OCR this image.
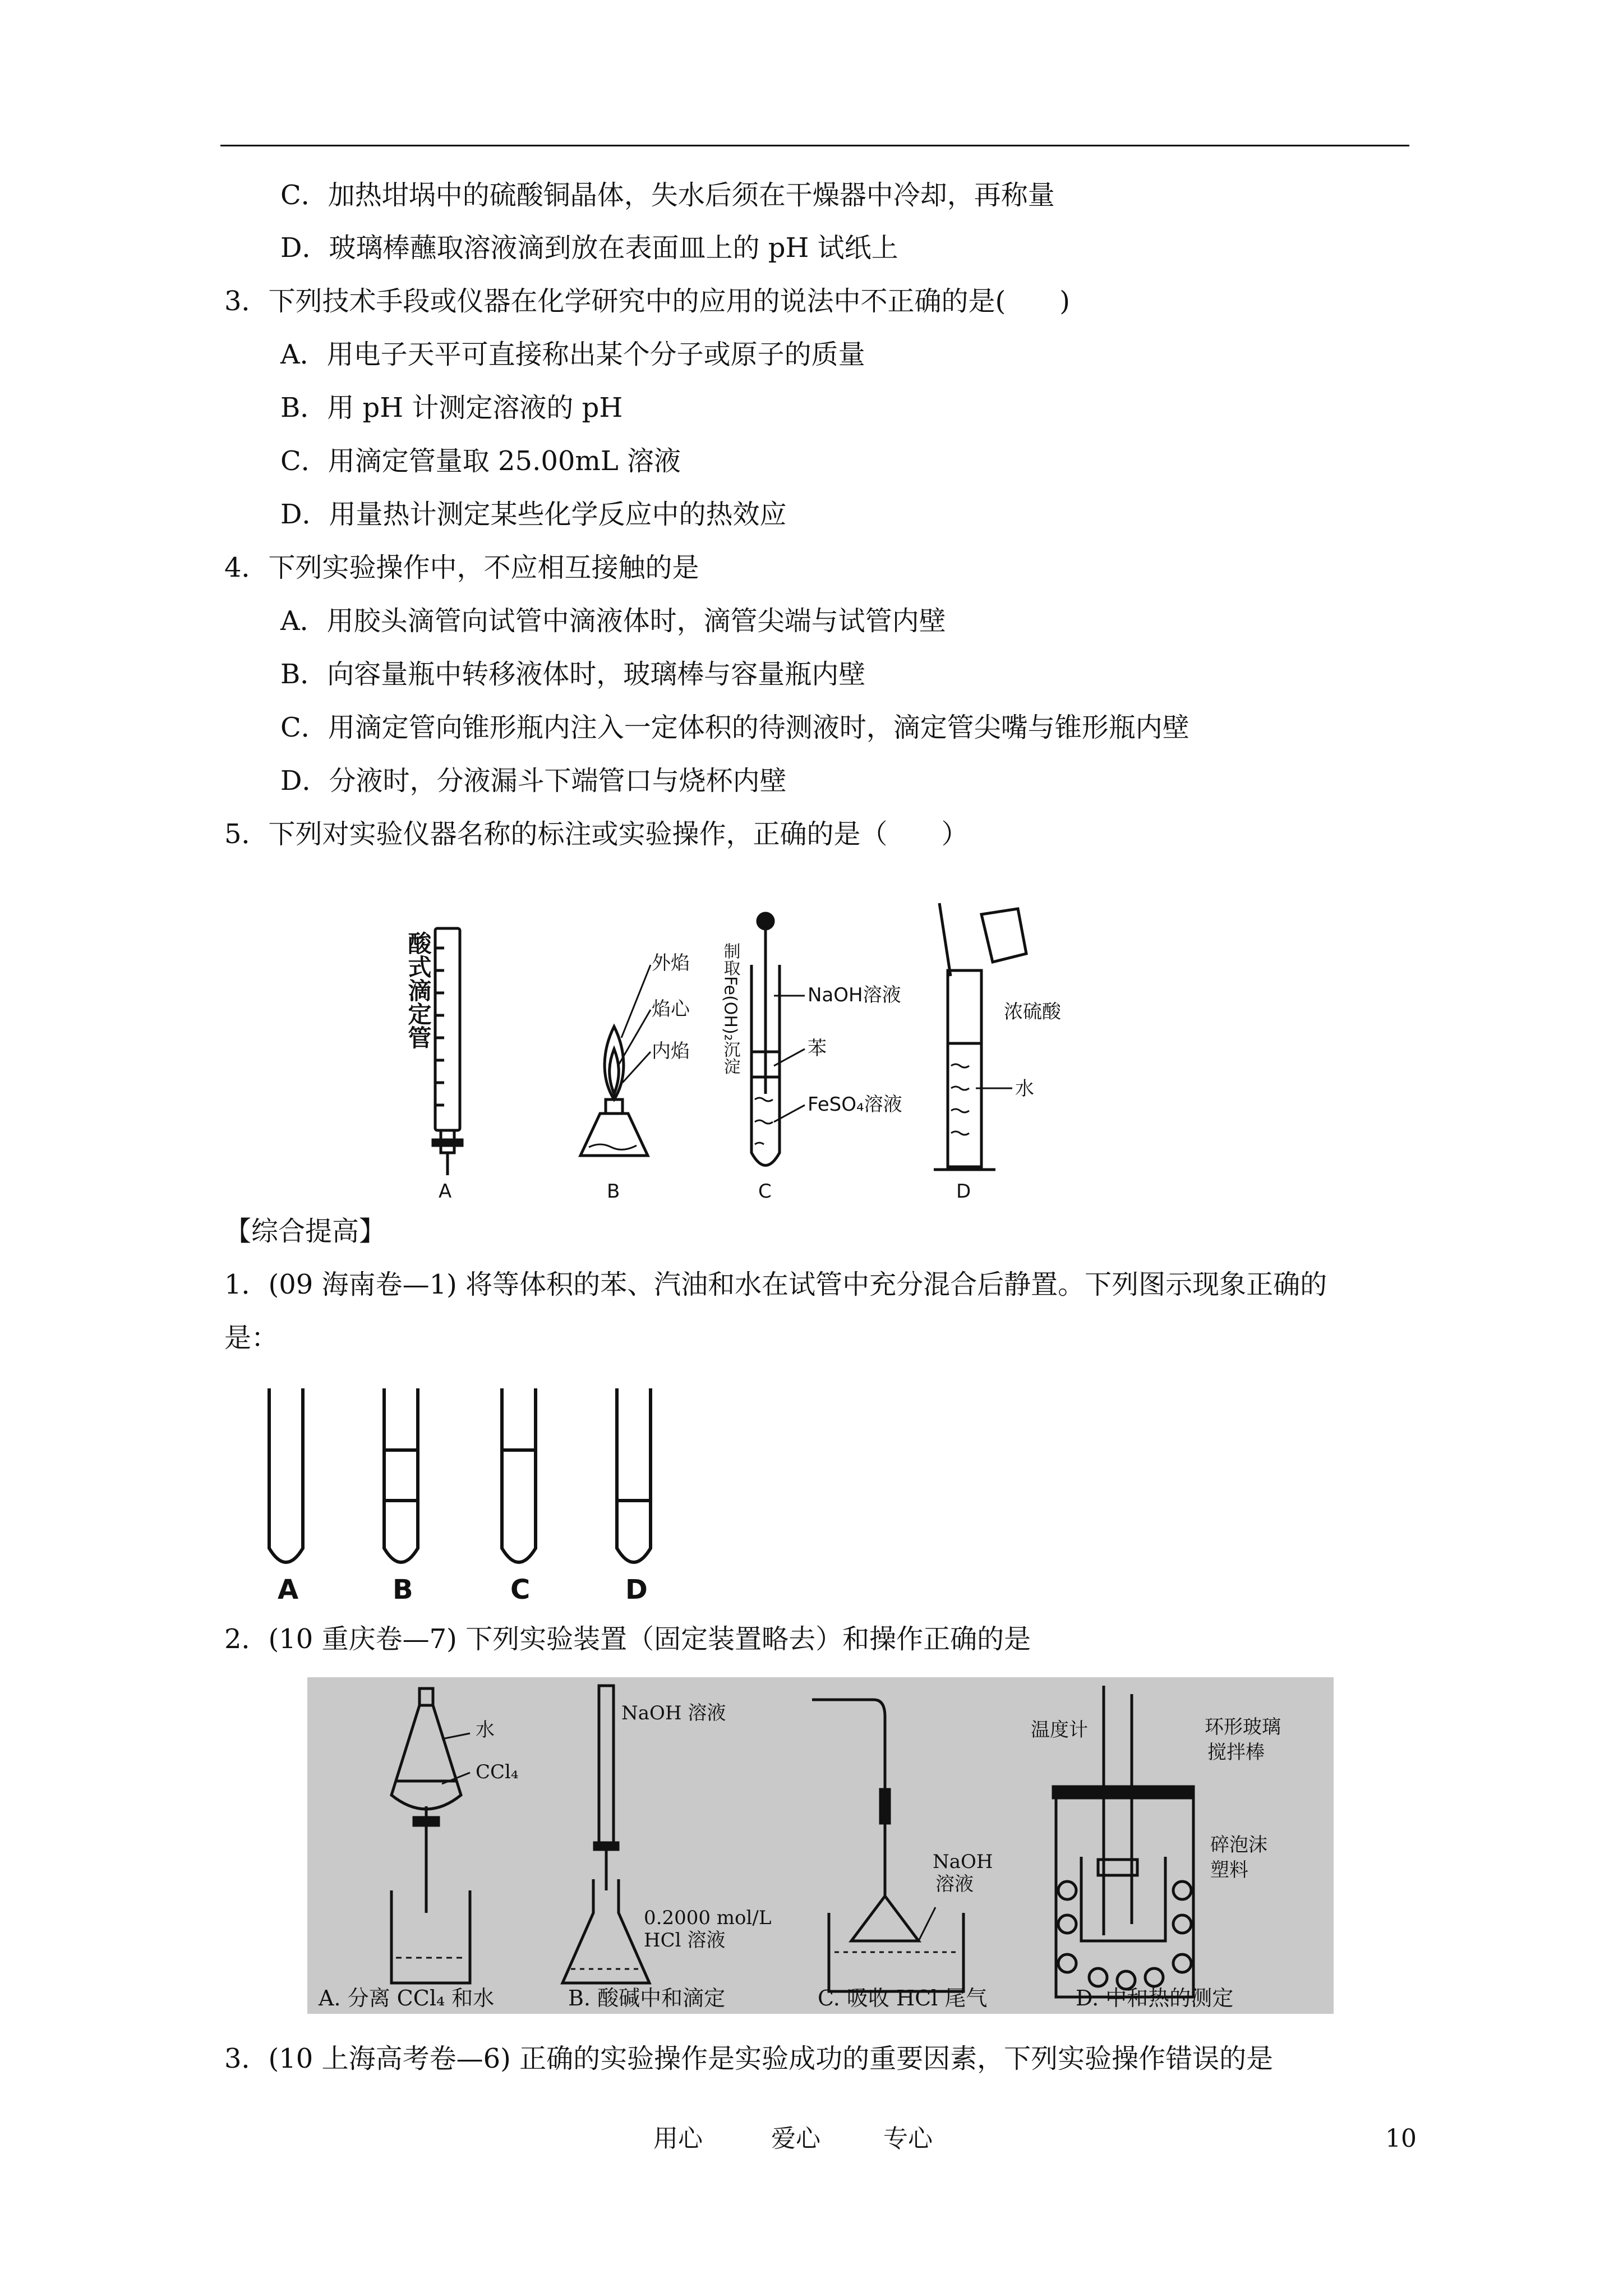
C．加热坩埚中的硫酸铜晶体，失水后须在干燥器中冷却，再称量
D．玻璃棒蘸取溶液滴到放在表面皿上的 pH 试纸上
3．下列技术手段或仪器在化学研究中的应用的说法中不正确的是(　　)
A．用电子天平可直接称出某个分子或原子的质量
B．用 pH 计测定溶液的 pH
C．用滴定管量取 25.00mL 溶液
D．用量热计测定某些化学反应中的热效应
4．下列实验操作中，不应相互接触的是
A．用胶头滴管向试管中滴液体时，滴管尖端与试管内壁
B．向容量瓶中转移液体时，玻璃棒与容量瓶内壁
C．用滴定管向锥形瓶内注入一定体积的待测液时，滴定管尖嘴与锥形瓶内壁
D．分液时，分液漏斗下端管口与烧杯内壁
5．下列对实验仪器名称的标注或实验操作，正确的是（　　）
酸式滴定管	外焰
焰心
内焰 制取Fe(OH)₂沉淀	NaOH溶液
苯
FeSO₄溶液
浓硫酸
水
A	B	C	D
【综合提高】
1．(09 海南卷—1) 将等体积的苯、汽油和水在试管中充分混合后静置。下列图示现象正确的
是：
A	B	C	D
2．(10 重庆卷—7) 下列实验装置（固定装置略去）和操作正确的是
水
CCl₄
A. 分离 CCl₄ 和水
NaOH 溶液
0.2000 mol/L
HCl 溶液
B. 酸碱中和滴定
NaOH
溶液
C. 吸收 HCl 尾气
温度计	环形玻璃
搅拌棒
碎泡沫
塑料
D. 中和热的测定
3．(10 上海高考卷—6) 正确的实验操作是实验成功的重要因素，下列实验操作错误的是
用心	爱心	专心	10
